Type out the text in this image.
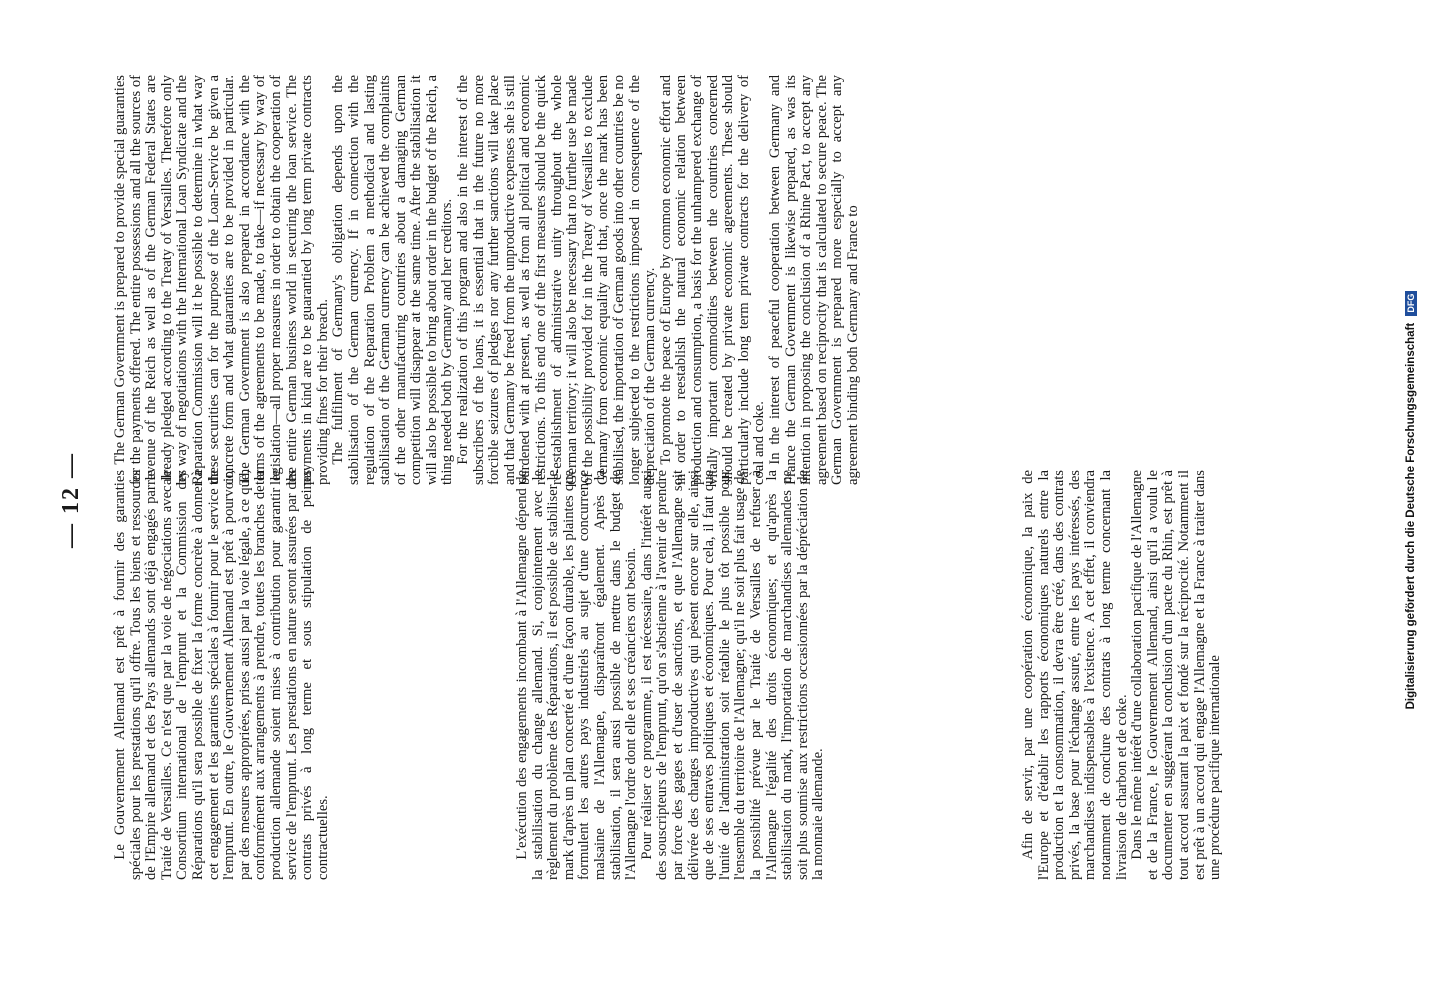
Digitalisierung gefördert durch die Deutsche Forschungsgemeinschaft DFG
— 12 — Le Gouvernement Allemand est prêt à fournir des garanties spéciales pour les prestations qu'il offre. Tous les biens et ressources de l'Empire allemand et des Pays allemands sont déjà engagés par le Traité de Versailles. Ce n'est que par la voie de négociations avec le Consortium international de l'emprunt et la Commission des Réparations qu'il sera possible de fixer la forme concrète à donner à cet engagement et les garanties spéciales à fournir pour le service de l'emprunt. En outre, le Gouvernement Allemand est prêt à pourvoir, par des mesures appropriées, prises aussi par la voie légale, à ce que, conformément aux arrangements à prendre, toutes les branches de la production allemande soient mises à contribution pour garantir le service de l'emprunt. Les prestations en nature seront assurées par des contrats privés à long terme et sous stipulation de peines contractuelles.	L'exécution des engagements incombant à l'Allemagne dépend de la stabilisation du change allemand. Si, conjointement avec le règlement du problème des Réparations, il est possible de stabiliser le mark d'après un plan concerté et d'une façon durable, les plaintes que formulent les autres pays industriels au sujet d'une concurrence malsaine de l'Allemagne, disparaîtront également. Après la stabilisation, il sera aussi possible de mettre dans le budget de l'Allemagne l'ordre dont elle et ses créanciers ont besoin. Pour réaliser ce programme, il est nécessaire, dans l'intérêt aussi des souscripteurs de l'emprunt, qu'on s'abstienne à l'avenir de prendre par force des gages et d'user de sanctions, et que l'Allemagne soit délivrée des charges improductives qui pèsent encore sur elle, ainsi que de ses entraves politiques et économiques. Pour cela, il faut que l'unité de l'administration soit rétablie le plus tôt possible pour l'ensemble du territoire de l'Allemagne; qu'il ne soit plus fait usage de la possibilité prévue par le Traité de Versailles de refuser à l'Allemagne l'égalité des droits économiques; et qu'après la stabilisation du mark, l'importation de marchandises allemandes ne soit plus soumise aux restrictions occasionnées par la dépréciation de la monnaie allemande.	Afin de servir, par une coopération économique, la paix de l'Europe et d'établir les rapports économiques naturels entre la production et la consommation, il devra être créé, dans des contrats privés, la base pour l'échange assuré, entre les pays intéressés, des marchandises indispensables à l'existence. A cet effet, il conviendra notamment de conclure des contrats à long terme concernant la livraison de charbon et de coke. Dans le même intérêt d'une collaboration pacifique de l'Allemagne et de la France, le Gouvernement Allemand, ainsi qu'il a voulu le documenter en suggérant la conclusion d'un pacte du Rhin, est prêt à tout accord assurant la paix et fondé sur la réciprocité. Notamment il est prêt à un accord qui engage l'Allemagne et la France à traiter dans une procédure pacifique internationale

The German Government is prepared to provide special guaranties for the payments offered. The entire possessions and all the sources of revenue of the Reich as well as of the German Federal States are already pledged according to the Treaty of Versailles. Therefore only by way of negotiations with the International Loan Syndicate and the Reparation Commission will it be possible to determine in what way these securities can for the purpose of the Loan-Service be given a concrete form and what guaranties are to be provided in particular. The German Government is also prepared in accordance with the terms of the agreements to be made, to take—if necessary by way of legislation—all proper measures in order to obtain the cooperation of the entire German business world in securing the loan service. The payments in kind are to be guarantied by long term private contracts providing fines for their breach. The fulfilment of Germany's obligation depends upon the stabilisation of the German currency. If in connection with the regulation of the Reparation Problem a methodical and lasting stabilisation of the German currency can be achieved the complaints of the other manufacturing countries about a damaging German competition will disappear at the same time. After the stabilisation it will also be possible to bring about order in the budget of the Reich, a thing needed both by Germany and her creditors. For the realization of this program and also in the interest of the subscribers of the loans, it is essential that in the future no more forcible seizures of pledges nor any further sanctions will take place and that Germany be freed from the unproductive expenses she is still burdened with at present, as well as from all political and economic restrictions. To this end one of the first measures should be the quick re-establishment of administrative unity throughout the whole German territory; it will also be necessary that no further use be made of the possibility provided for in the Treaty of Versailles to exclude Germany from economic equality and that, once the mark has been stabilised, the importation of German goods into other countries be no longer subjected to the restrictions imposed in consequence of the depreciation of the German currency. To promote the peace of Europe by common economic effort and in order to reestablish the natural economic relation between production and consumption, a basis for the unhampered exchange of vitally important commodities between the countries concerned should be created by private economic agreements. These should particularly include long term private contracts for the delivery of coal and coke. In the interest of peaceful cooperation between Germany and France the German Government is likewise prepared, as was its intention in proposing the conclusion of a Rhine Pact, to accept any agreement based on reciprocity that is calculated to secure peace. The German Government is prepared more especially to accept any agreement binding both Germany and France to
